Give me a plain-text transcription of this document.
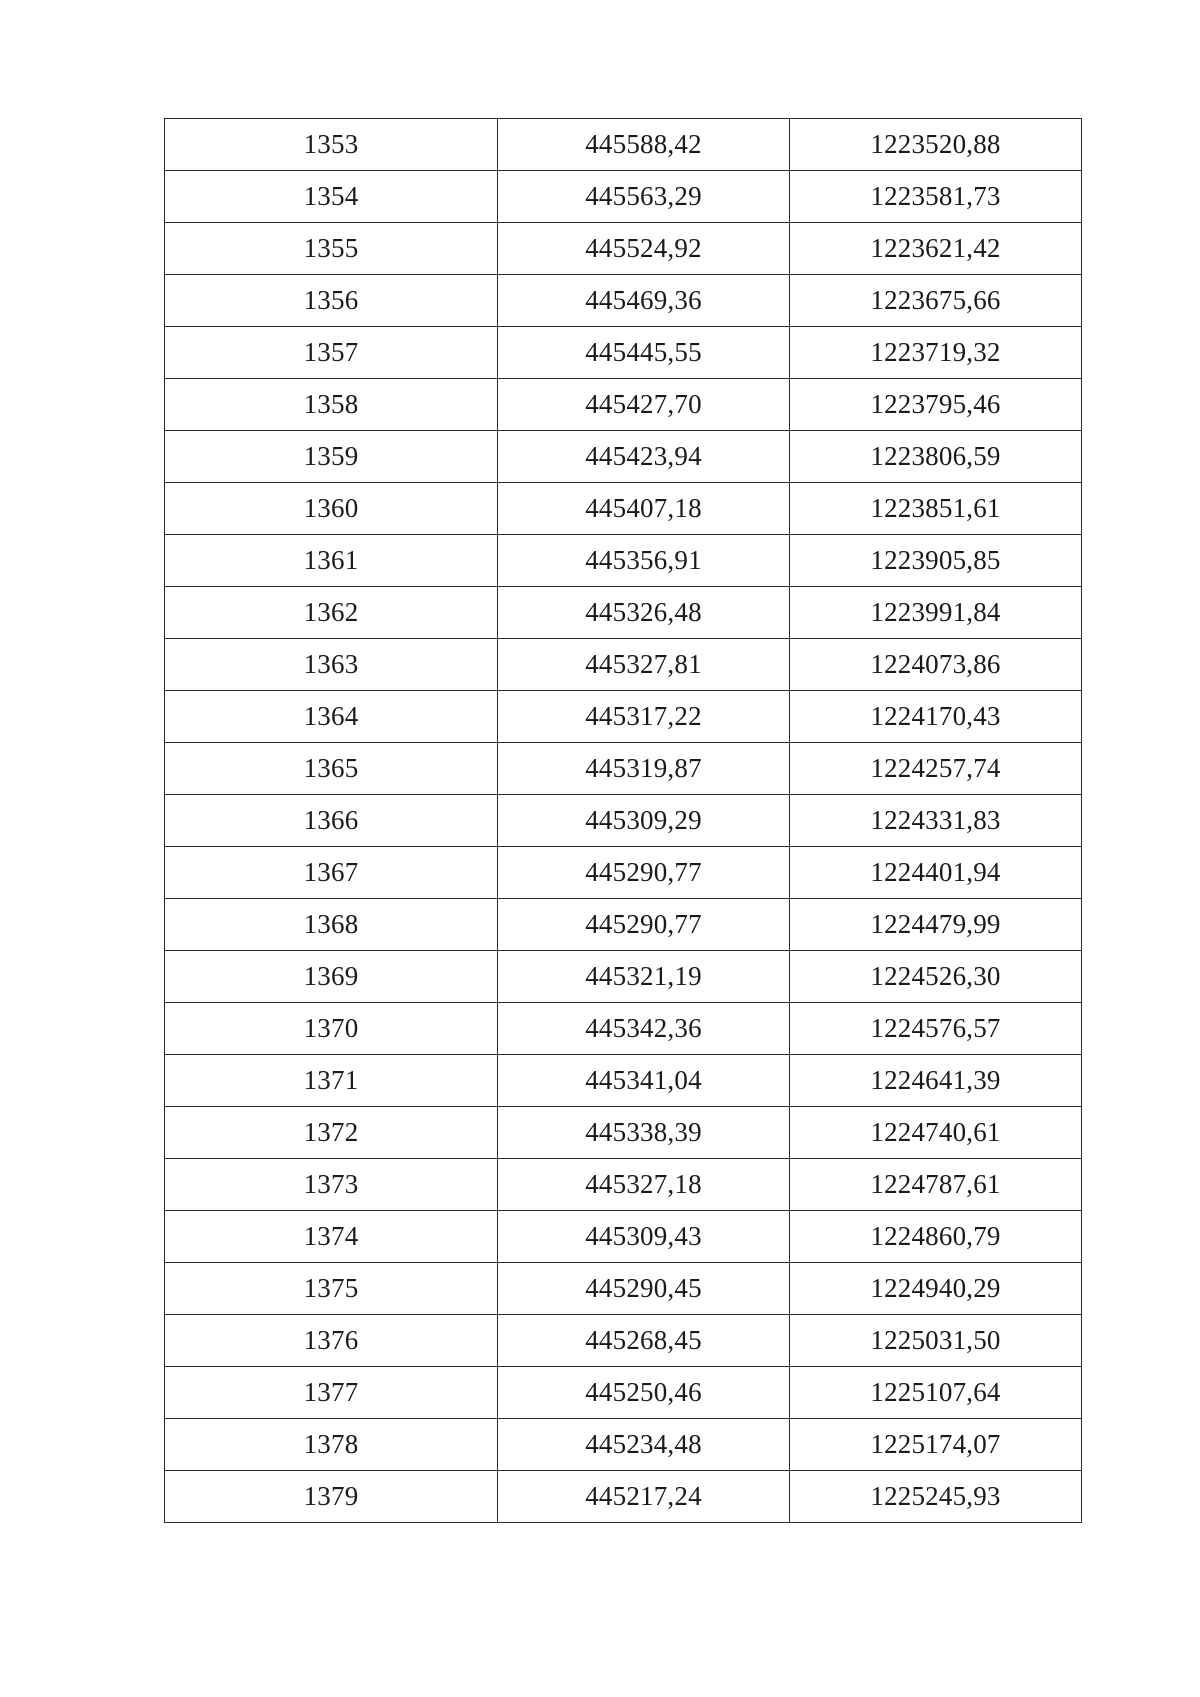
1353	445588,42	1223520,88
1354	445563,29	1223581,73
1355	445524,92	1223621,42
1356	445469,36	1223675,66
1357	445445,55	1223719,32
1358	445427,70	1223795,46
1359	445423,94	1223806,59
1360	445407,18	1223851,61
1361	445356,91	1223905,85
1362	445326,48	1223991,84
1363	445327,81	1224073,86
1364	445317,22	1224170,43
1365	445319,87	1224257,74
1366	445309,29	1224331,83
1367	445290,77	1224401,94
1368	445290,77	1224479,99
1369	445321,19	1224526,30
1370	445342,36	1224576,57
1371	445341,04	1224641,39
1372	445338,39	1224740,61
1373	445327,18	1224787,61
1374	445309,43	1224860,79
1375	445290,45	1224940,29
1376	445268,45	1225031,50
1377	445250,46	1225107,64
1378	445234,48	1225174,07
1379	445217,24	1225245,93
